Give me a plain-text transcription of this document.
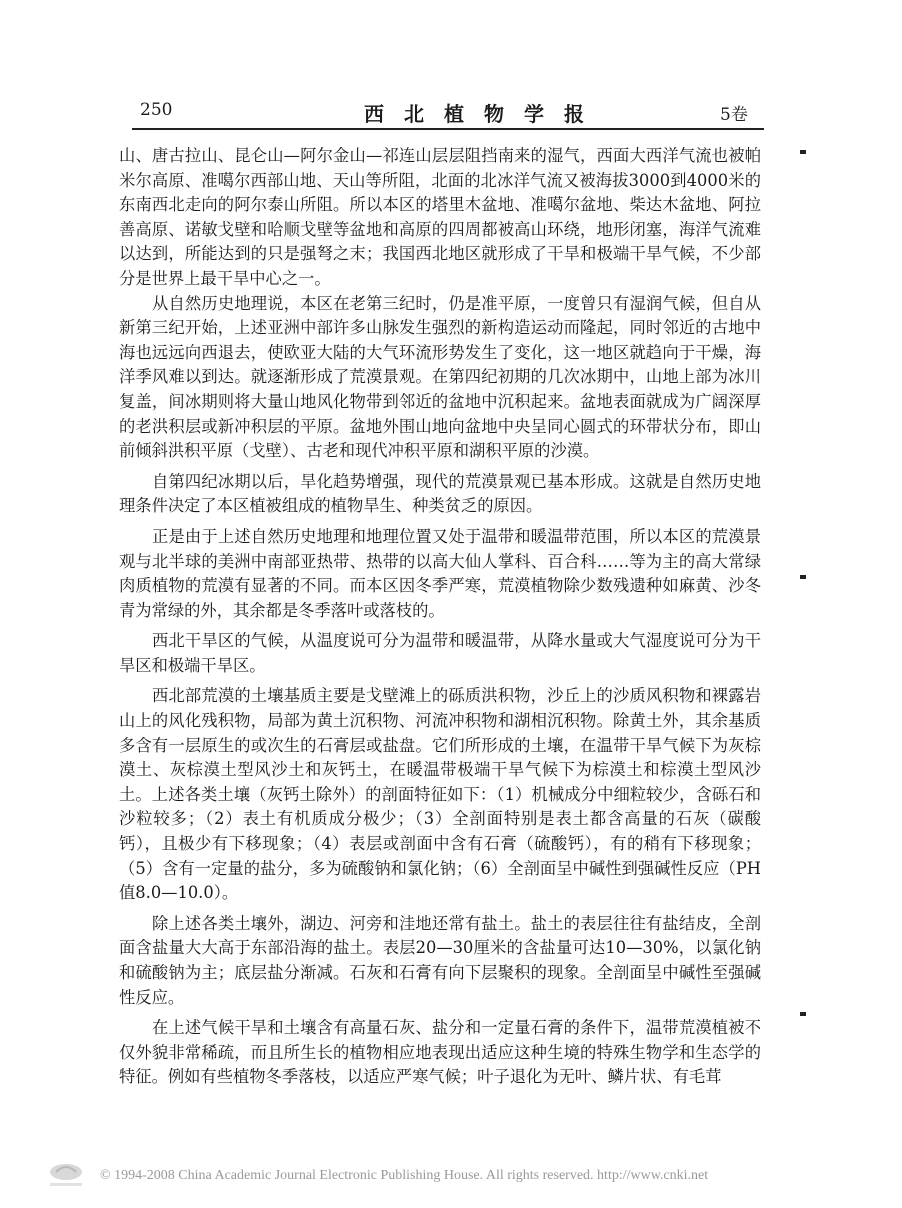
250	西北植物学报	5卷

山、唐古拉山、昆仑山—阿尔金山—祁连山层层阻挡南来的湿气，西面大西洋气流也被帕米尔高原、准噶尔西部山地、天山等所阻，北面的北冰洋气流又被海拔3000到4000米的东南西北走向的阿尔泰山所阻。所以本区的塔里木盆地、准噶尔盆地、柴达木盆地、阿拉善高原、诺敏戈壁和哈顺戈壁等盆地和高原的四周都被高山环绕，地形闭塞，海洋气流难以达到，所能达到的只是强弩之末；我国西北地区就形成了干旱和极端干旱气候，不少部分是世界上最干旱中心之一。

从自然历史地理说，本区在老第三纪时，仍是准平原，一度曾只有湿润气候，但自从新第三纪开始，上述亚洲中部许多山脉发生强烈的新构造运动而隆起，同时邻近的古地中海也远远向西退去，使欧亚大陆的大气环流形势发生了变化，这一地区就趋向于干燥，海洋季风难以到达。就逐渐形成了荒漠景观。在第四纪初期的几次冰期中，山地上部为冰川复盖，间冰期则将大量山地风化物带到邻近的盆地中沉积起来。盆地表面就成为广阔深厚的老洪积层或新冲积层的平原。盆地外围山地向盆地中央呈同心圆式的环带状分布，即山前倾斜洪积平原（戈壁）、古老和现代冲积平原和湖积平原的沙漠。

自第四纪冰期以后，旱化趋势增强，现代的荒漠景观已基本形成。这就是自然历史地理条件决定了本区植被组成的植物旱生、种类贫乏的原因。

正是由于上述自然历史地理和地理位置又处于温带和暖温带范围，所以本区的荒漠景观与北半球的美洲中南部亚热带、热带的以高大仙人掌科、百合科……等为主的高大常绿肉质植物的荒漠有显著的不同。而本区因冬季严寒，荒漠植物除少数残遗种如麻黄、沙冬青为常绿的外，其余都是冬季落叶或落枝的。

西北干旱区的气候，从温度说可分为温带和暖温带，从降水量或大气湿度说可分为干旱区和极端干旱区。

西北部荒漠的土壤基质主要是戈壁滩上的砾质洪积物，沙丘上的沙质风积物和裸露岩山上的风化残积物，局部为黄土沉积物、河流冲积物和湖相沉积物。除黄土外，其余基质多含有一层原生的或次生的石膏层或盐盘。它们所形成的土壤，在温带干旱气候下为灰棕漠土、灰棕漠土型风沙土和灰钙土，在暖温带极端干旱气候下为棕漠土和棕漠土型风沙土。上述各类土壤（灰钙土除外）的剖面特征如下：（1）机械成分中细粒较少，含砾石和沙粒较多；（2）表土有机质成分极少；（3）全剖面特别是表土都含高量的石灰（碳酸钙），且极少有下移现象；（4）表层或剖面中含有石膏（硫酸钙），有的稍有下移现象；（5）含有一定量的盐分，多为硫酸钠和氯化钠；（6）全剖面呈中碱性到强碱性反应（PH值8.0—10.0）。

除上述各类土壤外，湖边、河旁和洼地还常有盐土。盐土的表层往往有盐结皮，全剖面含盐量大大高于东部沿海的盐土。表层20—30厘米的含盐量可达10—30%，以氯化钠和硫酸钠为主；底层盐分渐减。石灰和石膏有向下层聚积的现象。全剖面呈中碱性至强碱性反应。

在上述气候干旱和土壤含有高量石灰、盐分和一定量石膏的条件下，温带荒漠植被不仅外貌非常稀疏，而且所生长的植物相应地表现出适应这种生境的特殊生物学和生态学的特征。例如有些植物冬季落枝，以适应严寒气候；叶子退化为无叶、鳞片状、有毛茸

© 1994-2008 China Academic Journal Electronic Publishing House. All rights reserved. http://www.cnki.net
